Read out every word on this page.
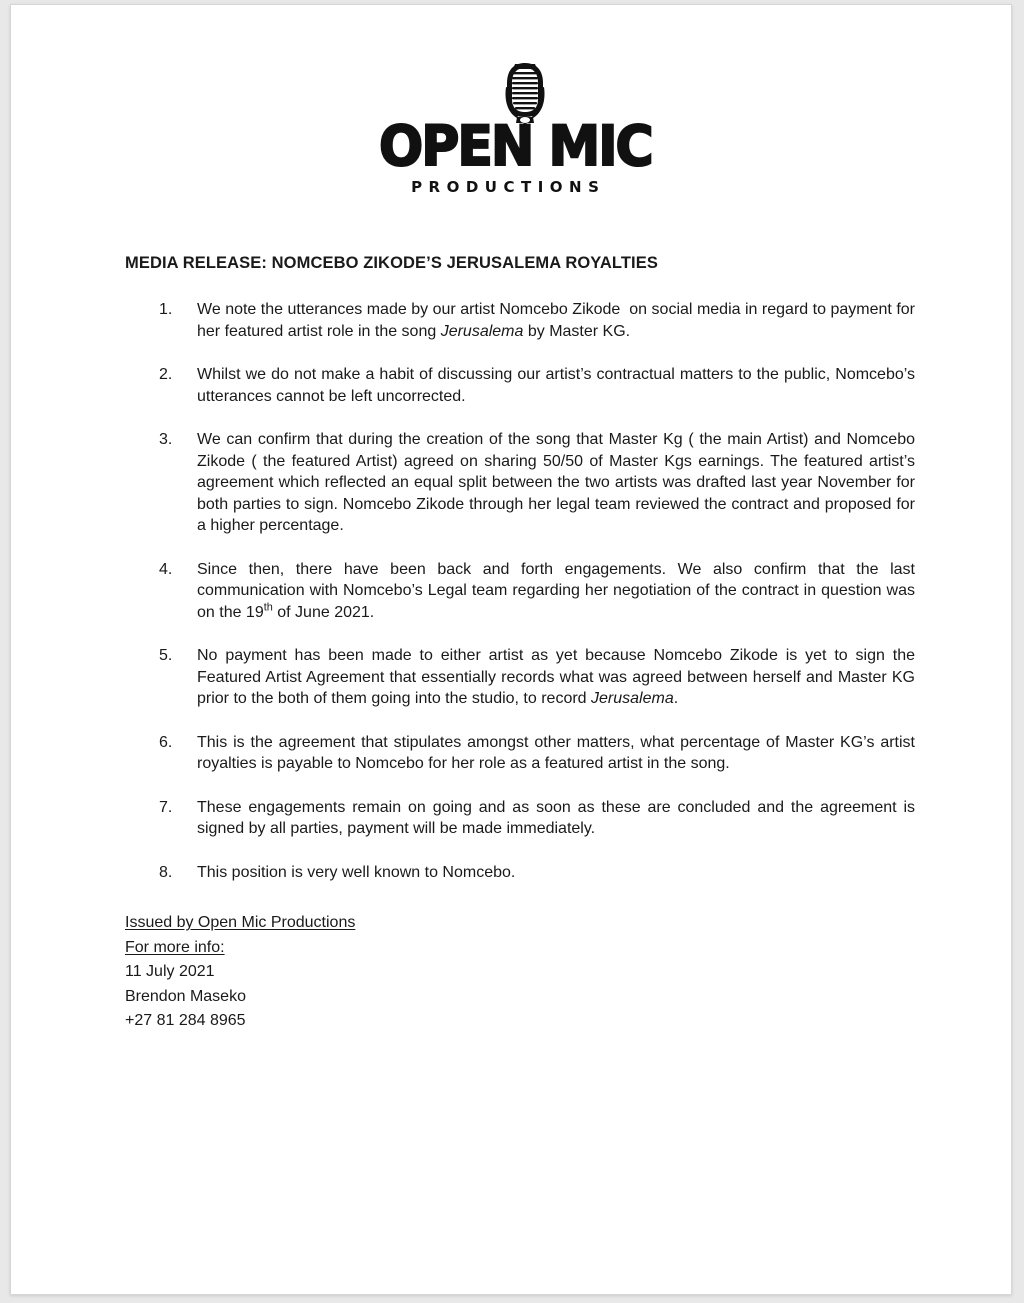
OPEN MIC
PRODUCTIONS
MEDIA RELEASE: NOMCEBO ZIKODE’S JERUSALEMA ROYALTIES
1.	We note the utterances made by our artist Nomcebo Zikode  on social media in regard to payment for her featured artist role in the song Jerusalema by Master KG.
2.	Whilst we do not make a habit of discussing our artist’s contractual matters to the public, Nomcebo’s utterances cannot be left uncorrected.
3.	We can confirm that during the creation of the song that Master Kg ( the main Artist) and Nomcebo Zikode ( the featured Artist) agreed on sharing 50/50 of Master Kgs earnings. The featured artist’s agreement which reflected an equal split between the two artists was drafted last year November for both parties to sign. Nomcebo Zikode through her legal team reviewed the contract and proposed for a higher percentage.
4.	Since then, there have been back and forth engagements. We also confirm that the last communication with Nomcebo’s Legal team regarding her negotiation of the contract in question was on the 19th of June 2021.
5.	No payment has been made to either artist as yet because Nomcebo Zikode is yet to sign the Featured Artist Agreement that essentially records what was agreed between herself and Master KG prior to the both of them going into the studio, to record Jerusalema.
6.	This is the agreement that stipulates amongst other matters, what percentage of Master KG’s artist royalties is payable to Nomcebo for her role as a featured artist in the song.
7.	These engagements remain on going and as soon as these are concluded and the agreement is signed by all parties, payment will be made immediately.
8.	This position is very well known to Nomcebo.
Issued by Open Mic Productions
For more info:
11 July 2021
Brendon Maseko
+27 81 284 8965
